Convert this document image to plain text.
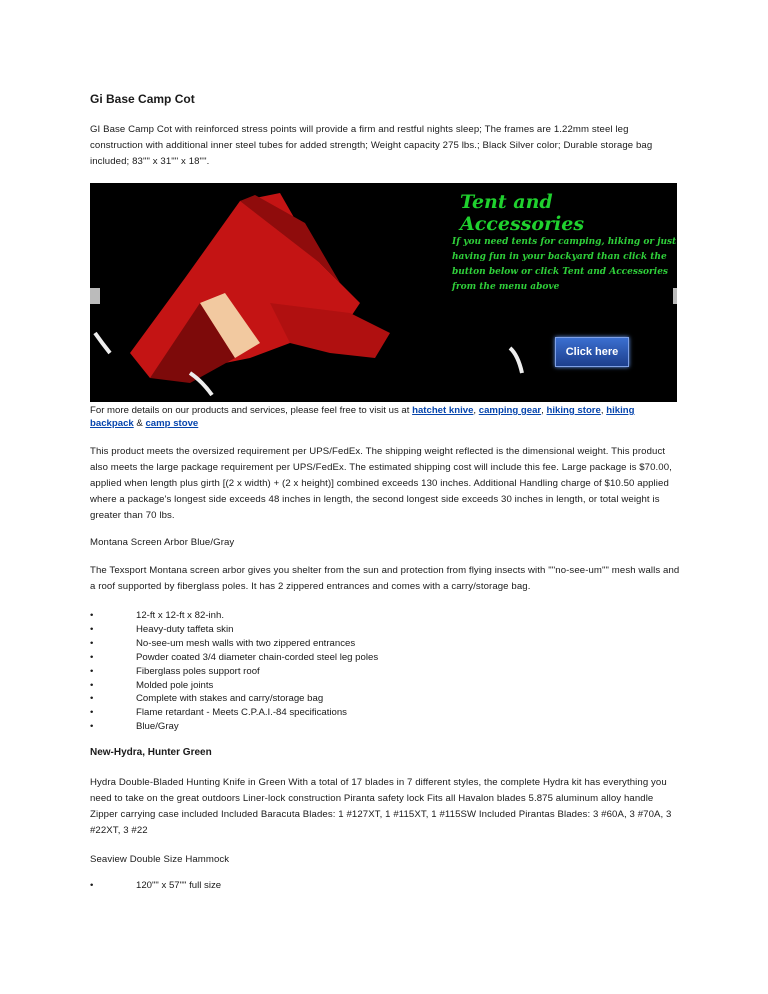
Gi Base Camp Cot

GI Base Camp Cot with reinforced stress points will provide a firm and restful nights sleep; The frames are 1.22mm steel leg construction with additional inner steel tubes for added strength; Weight capacity 275 lbs.; Black Silver color; Durable storage bag included; 83"" x 31"" x 18"".

Tent and Accessories
If you need tents for camping, hiking or just having fun in your backyard than click the button below or click Tent and Accessories from the menu above
Click here

For more details on our products and services, please feel free to visit us at hatchet knive, camping gear, hiking store, hiking backpack & camp stove

This product meets the oversized requirement per UPS/FedEx. The shipping weight reflected is the dimensional weight. This product also meets the large package requirement per UPS/FedEx. The estimated shipping cost will include this fee. Large package is $70.00, applied when length plus girth [(2 x width) + (2 x height)] combined exceeds 130 inches. Additional Handling charge of $10.50 applied where a package's longest side exceeds 48 inches in length, the second longest side exceeds 30 inches in length, or total weight is greater than 70 lbs.

Montana Screen Arbor Blue/Gray

The Texsport Montana screen arbor gives you shelter from the sun and protection from flying insects with ""no-see-um"" mesh walls and a roof supported by fiberglass poles. It has 2 zippered entrances and comes with a carry/storage bag.

•	12-ft x 12-ft x 82-inh.
•	Heavy-duty taffeta skin
•	No-see-um mesh walls with two zippered entrances
•	Powder coated 3/4 diameter chain-corded steel leg poles
•	Fiberglass poles support roof
•	Molded pole joints
•	Complete with stakes and carry/storage bag
•	Flame retardant - Meets C.P.A.I.-84 specifications
•	Blue/Gray
New-Hydra, Hunter Green

Hydra Double-Bladed Hunting Knife in Green With a total of 17 blades in 7 different styles, the complete Hydra kit has everything you need to take on the great outdoors Liner-lock construction Piranta safety lock Fits all Havalon blades 5.875 aluminum alloy handle Zipper carrying case included Included Baracuta Blades: 1 #127XT, 1 #115XT, 1 #115SW Included Pirantas Blades: 3 #60A, 3 #70A, 3 #22XT, 3 #22

Seaview Double Size Hammock

•	120"" x 57"" full size
